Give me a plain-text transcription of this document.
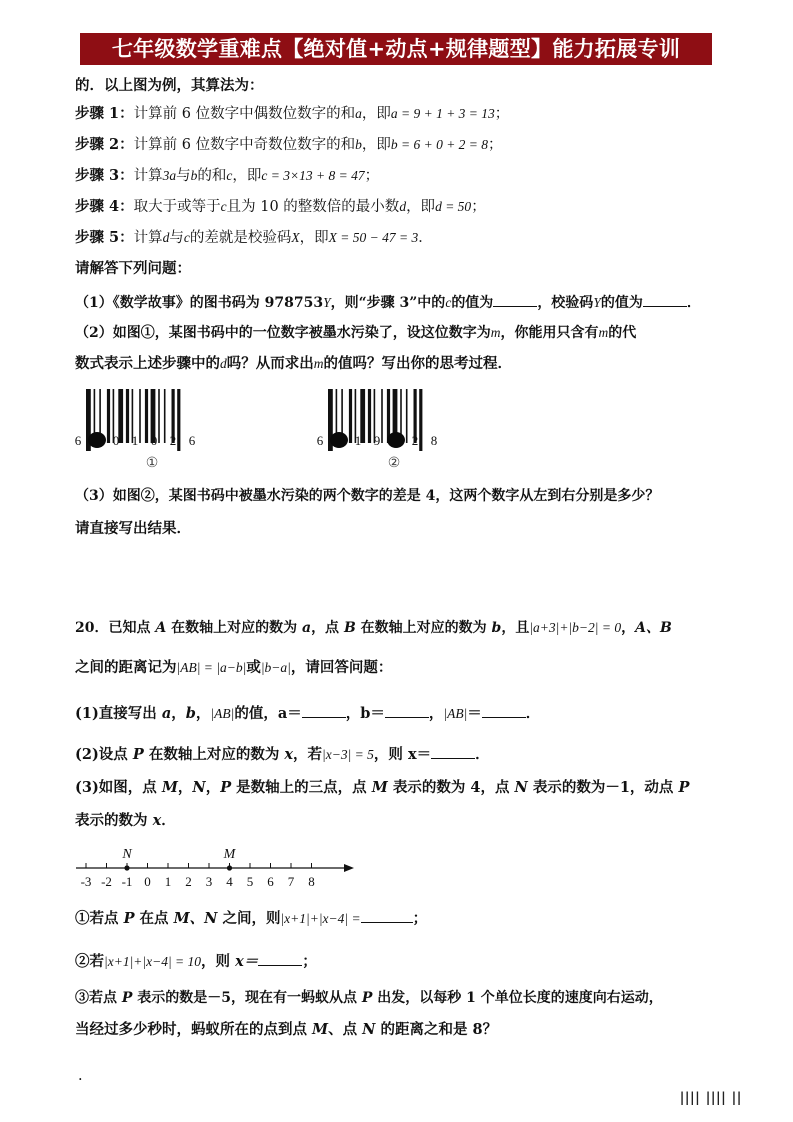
七年级数学重难点【绝对值+动点+规律题型】能力拓展专训
的．以上图为例，其算法为：
步骤 1：计算前 6 位数字中偶数位数字的和a，即a = 9 + 1 + 3 = 13；
步骤 2：计算前 6 位数字中奇数位数字的和b，即b = 6 + 0 + 2 = 8；
步骤 3：计算3a与b的和c，即c = 3×13 + 8 = 47；
步骤 4：取大于或等于c且为 10 的整数倍的最小数d，即d = 50；
步骤 5：计算d与c的差就是校验码X，即X = 50 − 47 = 3．
请解答下列问题：
（1）《数学故事》的图书码为 978753Y，则“步骤 3”中的c的值为	，校验码Y的值为	．
（2）如图①，某图书码中的一位数字被墨水污染了，设这位数字为m，你能用只含有m的代
数式表示上述步骤中的d吗？从而求出m的值吗？写出你的思考过程．
6 0 1 0 2 6
①
6 1 9 2 8
②
（3）如图②，某图书码中被墨水污染的两个数字的差是 4，这两个数字从左到右分别是多少？
请直接写出结果．
20．已知点 A 在数轴上对应的数为 a，点 B 在数轴上对应的数为 b，且|a+3|+|b−2| = 0，A、B
之间的距离记为|AB| = |a−b|或|b−a|，请回答问题：
(1)直接写出 a，b，|AB|的值，a＝	，b＝	，|AB|＝	．
(2)设点 P 在数轴上对应的数为 x，若|x−3| = 5，则 x＝	．
(3)如图，点 M，N，P 是数轴上的三点，点 M 表示的数为 4，点 N 表示的数为－1，动点 P
表示的数为 x．
-3 -2 -1 0 1 2 3 4 5 6 7 8
N	M
①若点 P 在点 M、N 之间，则|x+1|+|x−4| =	；
②若|x+1|+|x−4| = 10，则 x＝	；
③若点 P 表示的数是－5，现在有一蚂蚁从点 P 出发，以每秒 1 个单位长度的速度向右运动，
当经过多少秒时，蚂蚁所在的点到点 M、点 N 的距离之和是 8？
·
ǀǀǀǀ ǀǀǀǀ ǀǀ
